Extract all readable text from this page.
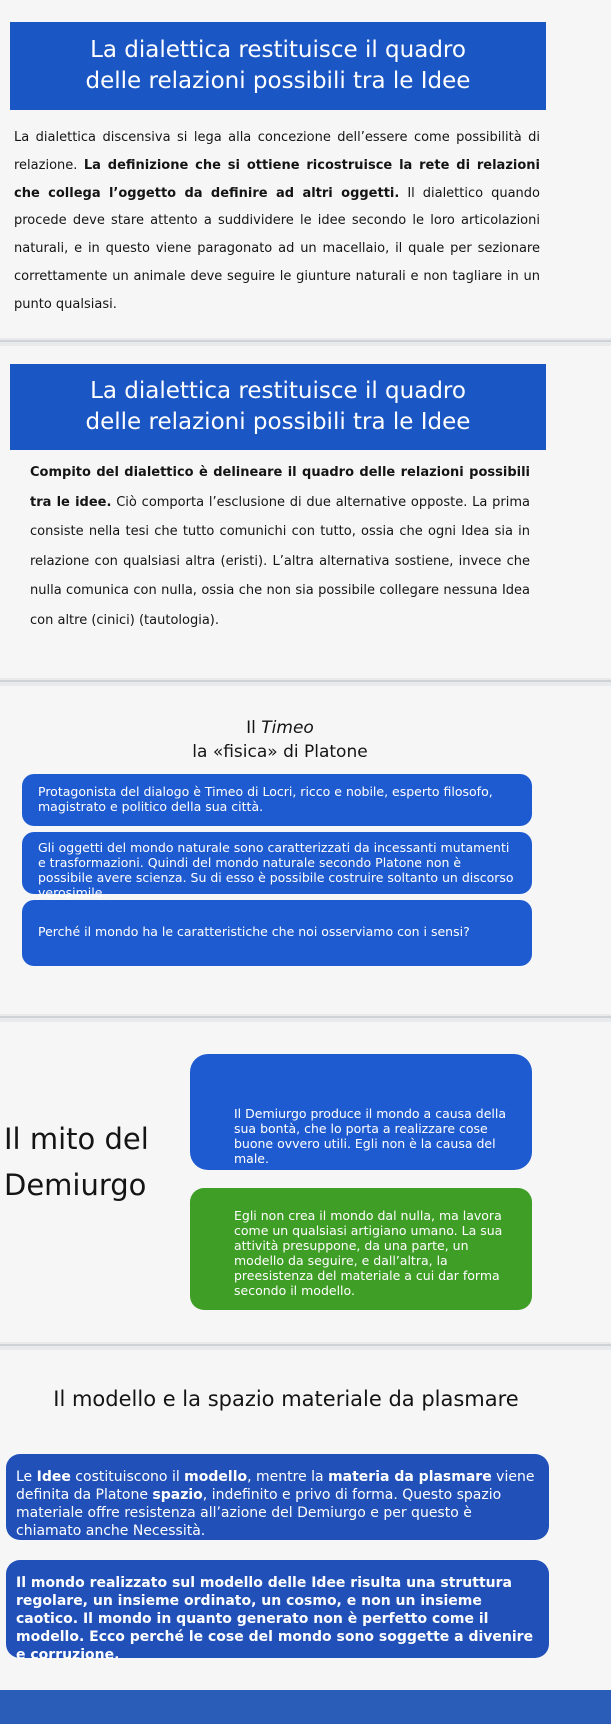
La dialettica restituisce il quadro
delle relazioni possibili tra le Idee
La dialettica discensiva si lega alla concezione dell’essere come possibilità di relazione. La definizione che si ottiene ricostruisce la rete di relazioni che collega l’oggetto da definire ad altri oggetti. Il dialettico quando procede deve stare attento a suddividere le idee secondo le loro articolazioni naturali, e in questo viene paragonato ad un macellaio, il quale per sezionare correttamente un animale deve seguire le giunture naturali e non tagliare in un punto qualsiasi.
La dialettica restituisce il quadro
delle relazioni possibili tra le Idee
Compito del dialettico è delineare il quadro delle relazioni possibili tra le idee. Ciò comporta l’esclusione di due alternative opposte. La prima consiste nella tesi che tutto comunichi con tutto, ossia che ogni Idea sia in relazione con qualsiasi altra (eristi). L’altra alternativa sostiene, invece che nulla comunica con nulla, ossia che non sia possibile collegare nessuna Idea con altre (cinici) (tautologia).
Il Timeo
la «fisica» di Platone
Protagonista del dialogo è Timeo di Locri, ricco e nobile, esperto filosofo, magistrato e politico della sua città.
Gli oggetti del mondo naturale sono caratterizzati da incessanti mutamenti e trasformazioni. Quindi del mondo naturale secondo Platone non è possibile avere scienza. Su di esso è possibile costruire soltanto un discorso verosimile.
Perché il mondo ha le caratteristiche che noi osserviamo con i sensi?
Il mito del
Demiurgo
Il Demiurgo produce il mondo a causa della sua bontà, che lo porta a realizzare cose buone ovvero utili. Egli non è la causa del male.
Egli non crea il mondo dal nulla, ma lavora come un qualsiasi artigiano umano. La sua attività presuppone, da una parte, un modello da seguire, e dall’altra, la preesistenza del materiale a cui dar forma secondo il modello.
Il modello e la spazio materiale da plasmare
Le Idee costituiscono il modello, mentre la materia da plasmare viene definita da Platone spazio, indefinito e privo di forma. Questo spazio materiale offre resistenza all’azione del Demiurgo e per questo è chiamato anche Necessità.
Il mondo realizzato sul modello delle Idee risulta una struttura regolare, un insieme ordinato, un cosmo, e non un insieme caotico. Il mondo in quanto generato non è perfetto come il modello. Ecco perché le cose del mondo sono soggette a divenire e corruzione.
